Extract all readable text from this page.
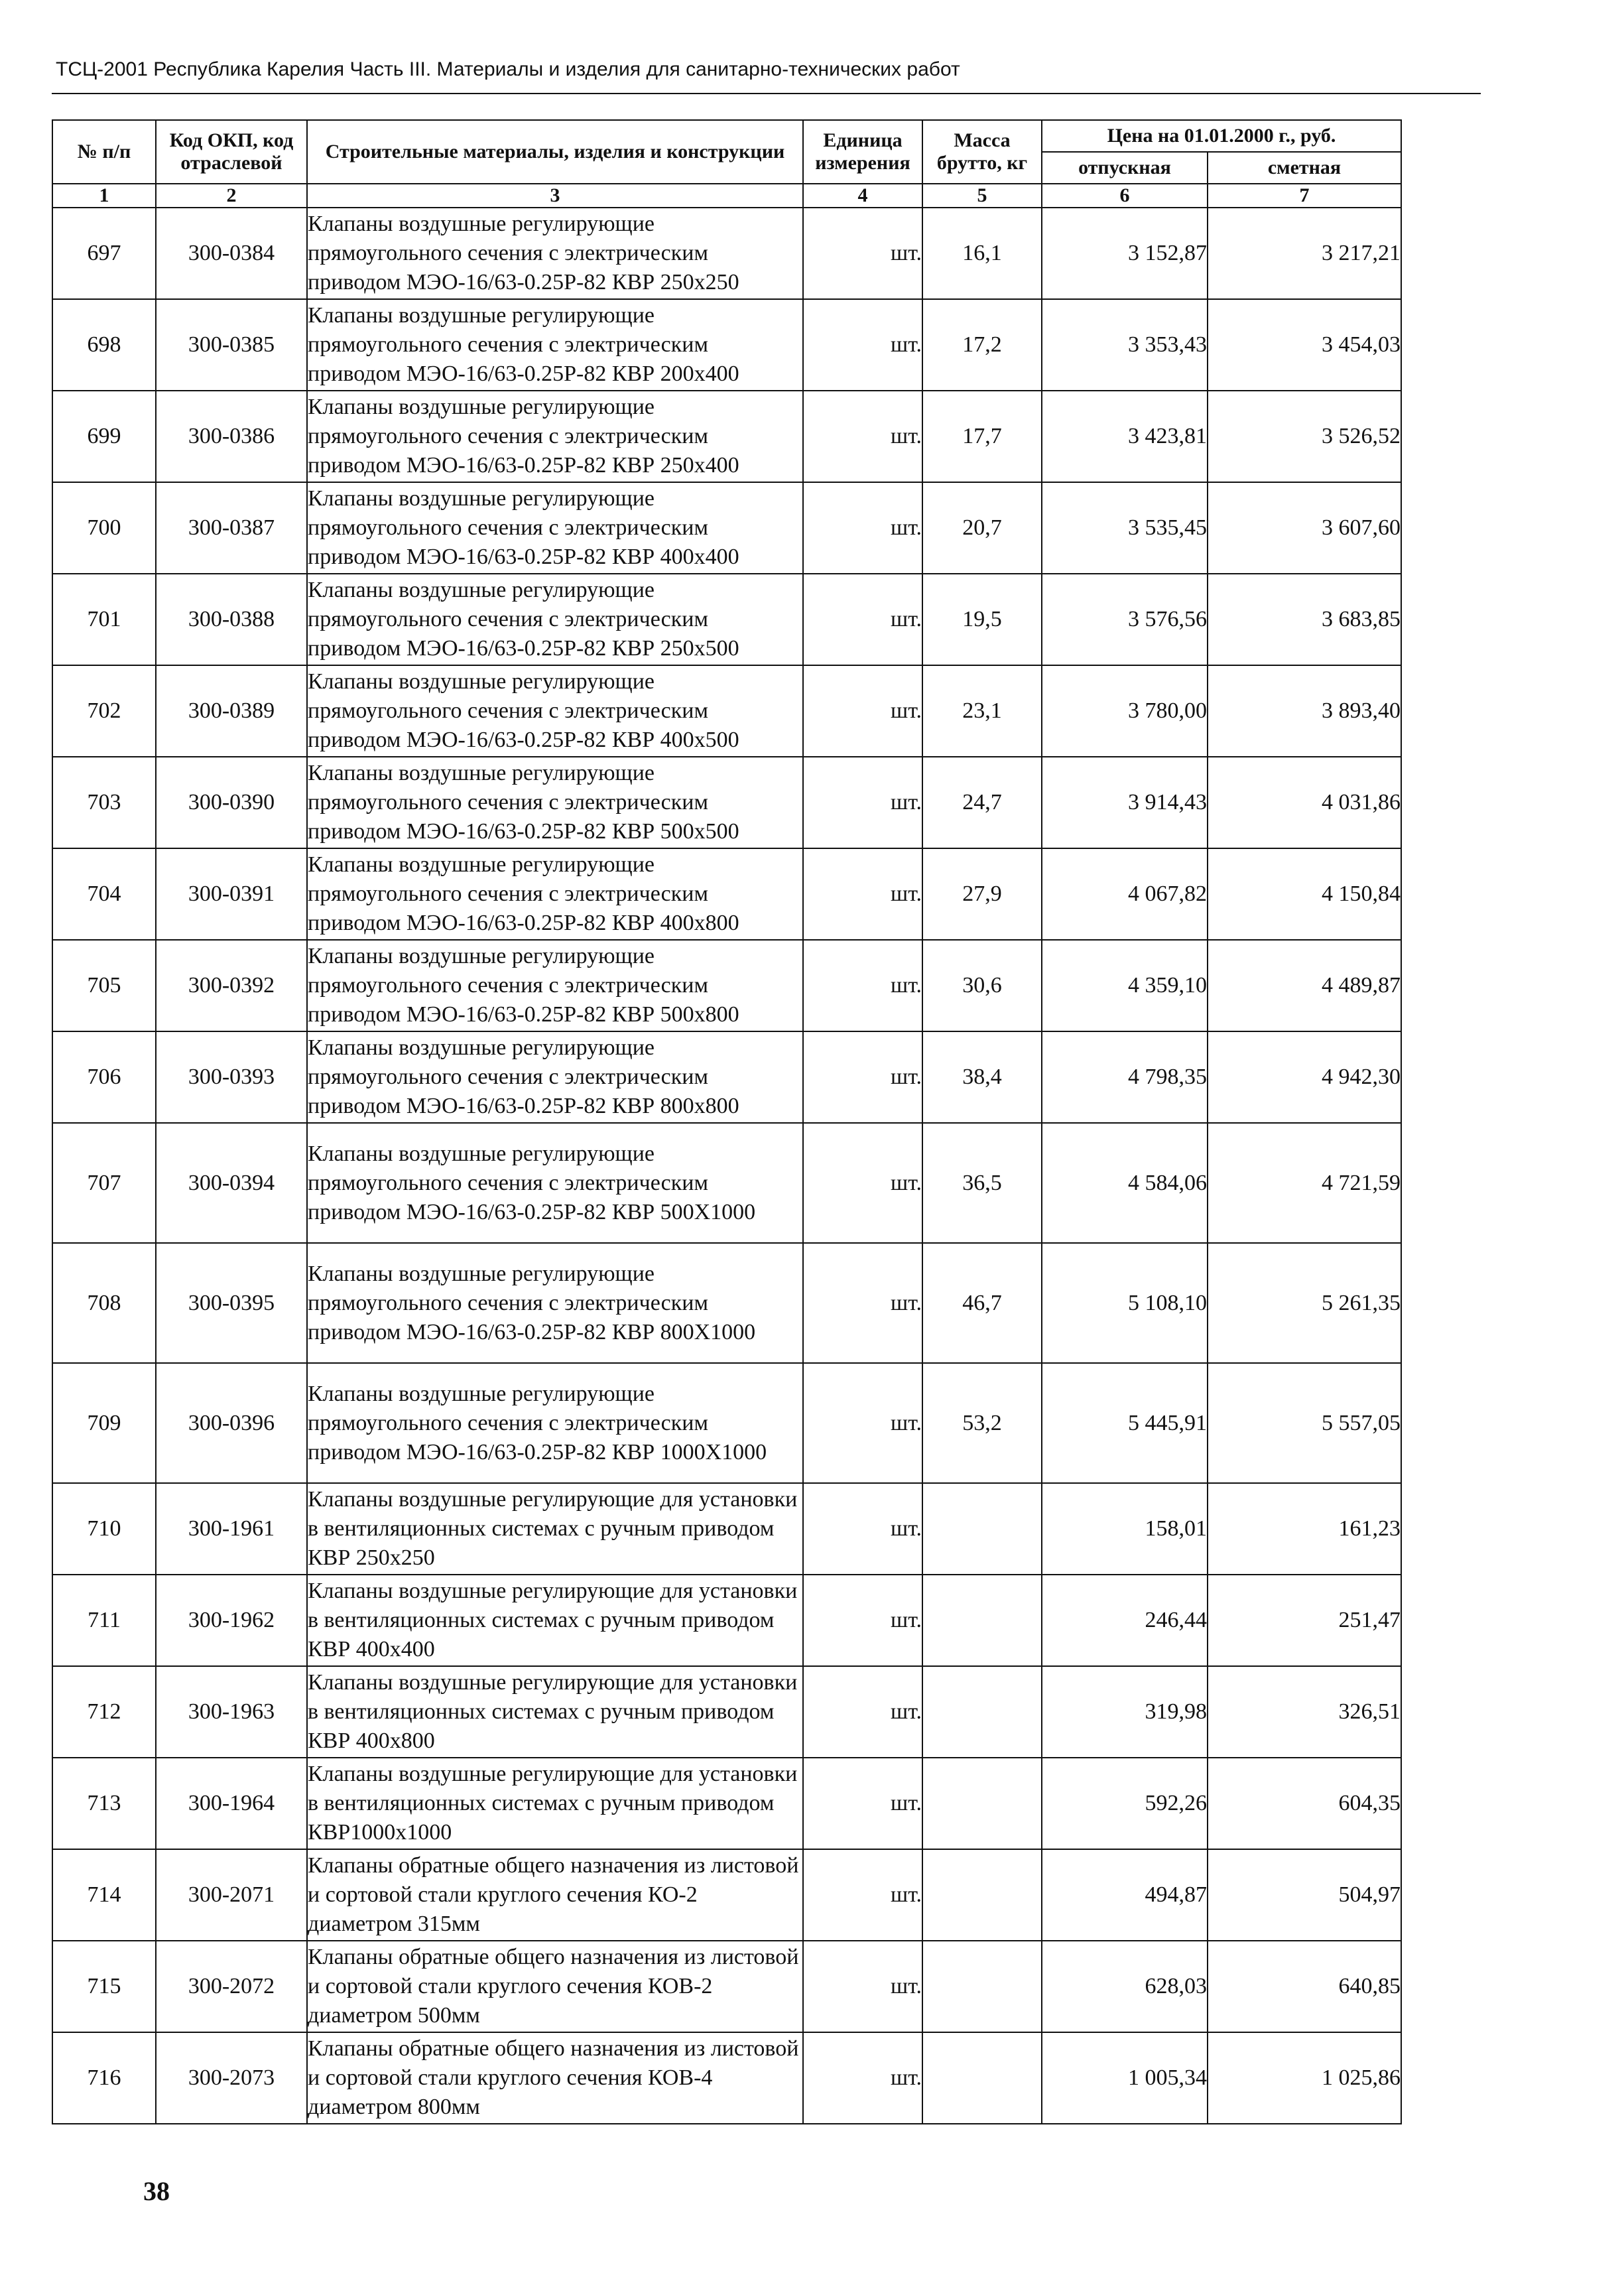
ТСЦ-2001 Республика Карелия Часть III. Материалы и изделия для санитарно-технических работ
№ п/п	Код ОКП, код отраслевой	Строительные материалы, изделия и конструкции	Единица измерения	Масса брутто, кг	Цена на 01.01.2000 г., руб.	
					отпускная	сметная
1	2	3	4	5	6	7
697	300-0384	Клапаны воздушные регулирующие прямоугольного сечения с электрическим приводом МЭО-16/63-0.25Р-82 КВР 250х250	шт.	16,1	3 152,87	3 217,21
698	300-0385	Клапаны воздушные регулирующие прямоугольного сечения с электрическим приводом МЭО-16/63-0.25Р-82 КВР 200х400	шт.	17,2	3 353,43	3 454,03
699	300-0386	Клапаны воздушные регулирующие прямоугольного сечения с электрическим приводом МЭО-16/63-0.25Р-82 КВР 250х400	шт.	17,7	3 423,81	3 526,52
700	300-0387	Клапаны воздушные регулирующие прямоугольного сечения с электрическим приводом МЭО-16/63-0.25Р-82 КВР 400х400	шт.	20,7	3 535,45	3 607,60
701	300-0388	Клапаны воздушные регулирующие прямоугольного сечения с электрическим приводом МЭО-16/63-0.25Р-82 КВР 250х500	шт.	19,5	3 576,56	3 683,85
702	300-0389	Клапаны воздушные регулирующие прямоугольного сечения с электрическим приводом МЭО-16/63-0.25Р-82 КВР 400х500	шт.	23,1	3 780,00	3 893,40
703	300-0390	Клапаны воздушные регулирующие прямоугольного сечения с электрическим приводом МЭО-16/63-0.25Р-82 КВР 500х500	шт.	24,7	3 914,43	4 031,86
704	300-0391	Клапаны воздушные регулирующие прямоугольного сечения с электрическим приводом МЭО-16/63-0.25Р-82 КВР 400х800	шт.	27,9	4 067,82	4 150,84
705	300-0392	Клапаны воздушные регулирующие прямоугольного сечения с электрическим приводом МЭО-16/63-0.25Р-82 КВР 500х800	шт.	30,6	4 359,10	4 489,87
706	300-0393	Клапаны воздушные регулирующие прямоугольного сечения с электрическим приводом МЭО-16/63-0.25Р-82 КВР 800х800	шт.	38,4	4 798,35	4 942,30
707	300-0394	Клапаны воздушные регулирующие прямоугольного сечения с электрическим приводом МЭО-16/63-0.25Р-82 КВР 500Х1000	шт.	36,5	4 584,06	4 721,59
708	300-0395	Клапаны воздушные регулирующие прямоугольного сечения с электрическим приводом МЭО-16/63-0.25Р-82 КВР 800Х1000	шт.	46,7	5 108,10	5 261,35
709	300-0396	Клапаны воздушные регулирующие прямоугольного сечения с электрическим приводом МЭО-16/63-0.25Р-82 КВР 1000Х1000	шт.	53,2	5 445,91	5 557,05
710	300-1961	Клапаны воздушные регулирующие для установки в вентиляционных системах с ручным приводом КВР 250х250	шт.		158,01	161,23
711	300-1962	Клапаны воздушные регулирующие для установки в вентиляционных системах с ручным приводом КВР 400х400	шт.		246,44	251,47
712	300-1963	Клапаны воздушные регулирующие для установки в вентиляционных системах с ручным приводом КВР 400х800	шт.		319,98	326,51
713	300-1964	Клапаны воздушные регулирующие для установки в вентиляционных системах с ручным приводом КВР1000х1000	шт.		592,26	604,35
714	300-2071	Клапаны обратные общего назначения из листовой и сортовой стали круглого сечения КО-2 диаметром 315мм	шт.		494,87	504,97
715	300-2072	Клапаны обратные общего назначения из листовой и сортовой стали круглого сечения КОВ-2 диаметром 500мм	шт.		628,03	640,85
716	300-2073	Клапаны обратные общего назначения из листовой и сортовой стали круглого сечения КОВ-4 диаметром 800мм	шт.		1 005,34	1 025,86
38
